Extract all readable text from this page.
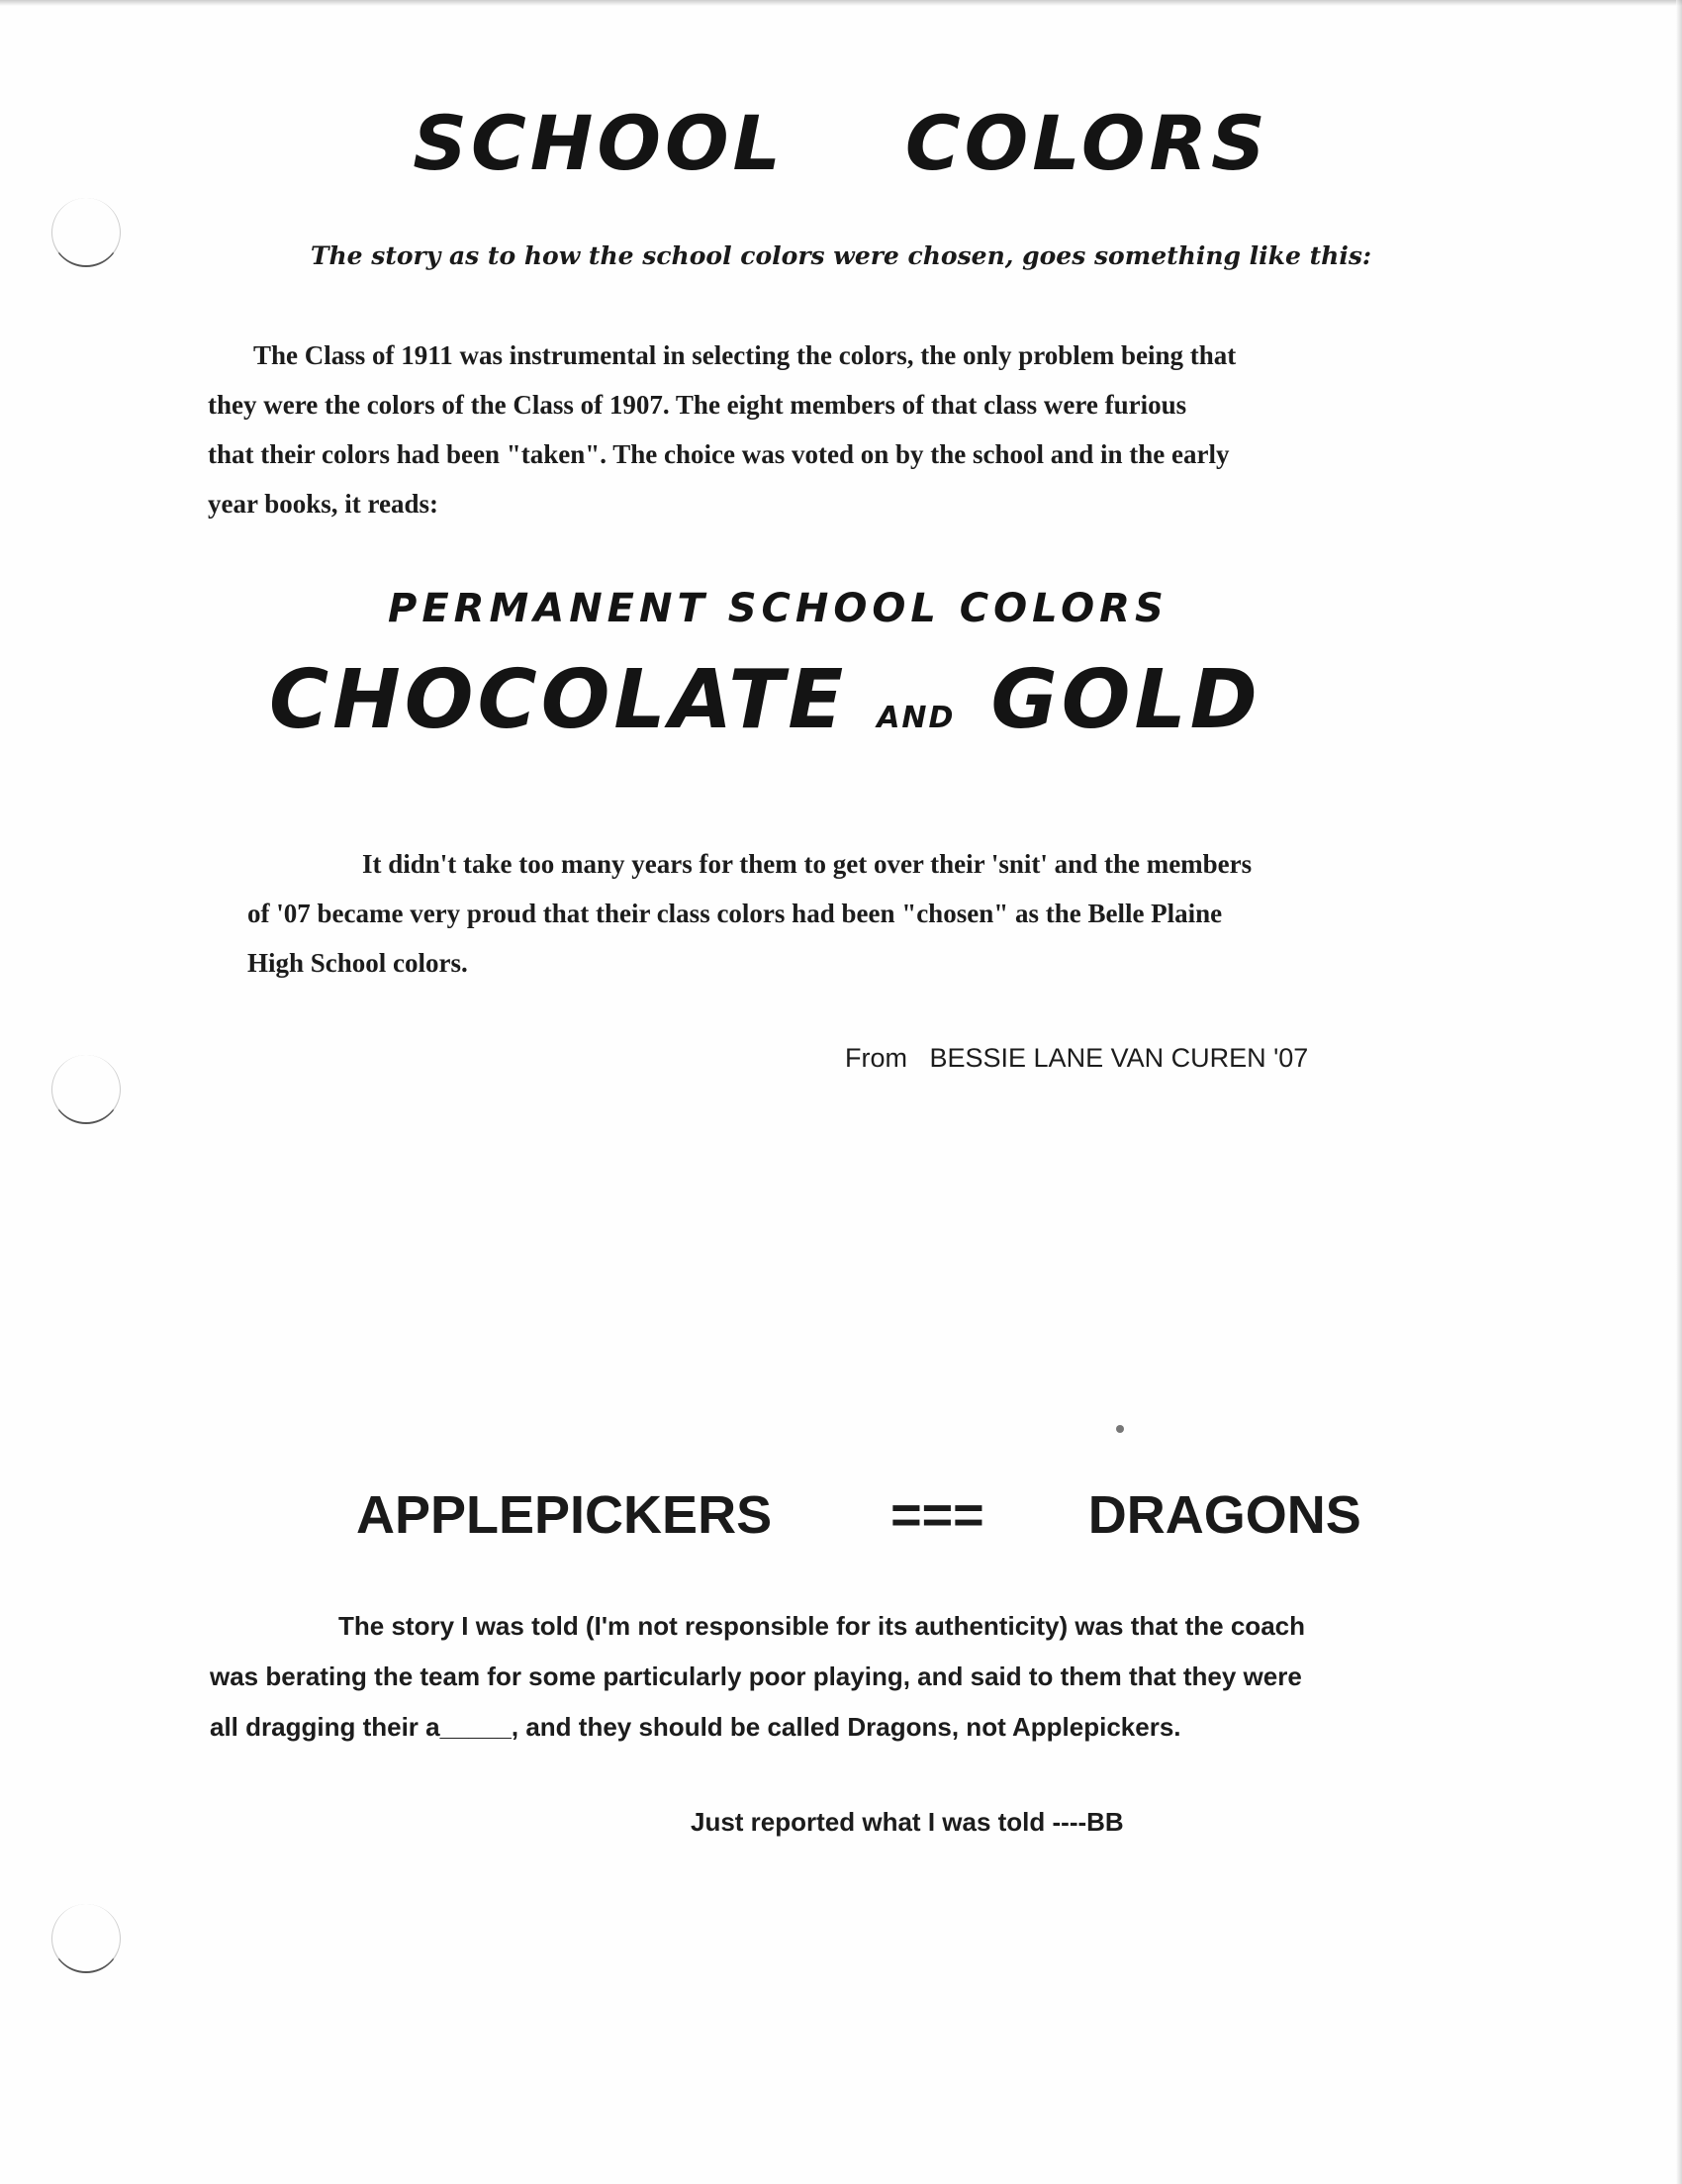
SCHOOL    COLORS
The story as to how the school colors were chosen, goes something like this:
The Class of 1911 was instrumental in selecting the colors, the only problem being that
they were the colors of the Class of 1907. The eight members of that class were furious
that their colors had been "taken". The choice was voted on by the school and in the early
year books, it reads:
PERMANENT SCHOOL COLORS
CHOCOLATE AND GOLD
It didn't take too many years for them to get over their 'snit' and the members
of '07 became very proud that their class colors had been "chosen" as the Belle Plaine
High School colors.
From   BESSIE LANE VAN CUREN '07
APPLEPICKERS        ===       DRAGONS
The story I was told (I'm not responsible for its authenticity) was that the coach
was berating the team for some particularly poor playing, and said to them that they were
all dragging their a_____, and they should be called Dragons, not Applepickers.
Just reported what I was told ----BB
